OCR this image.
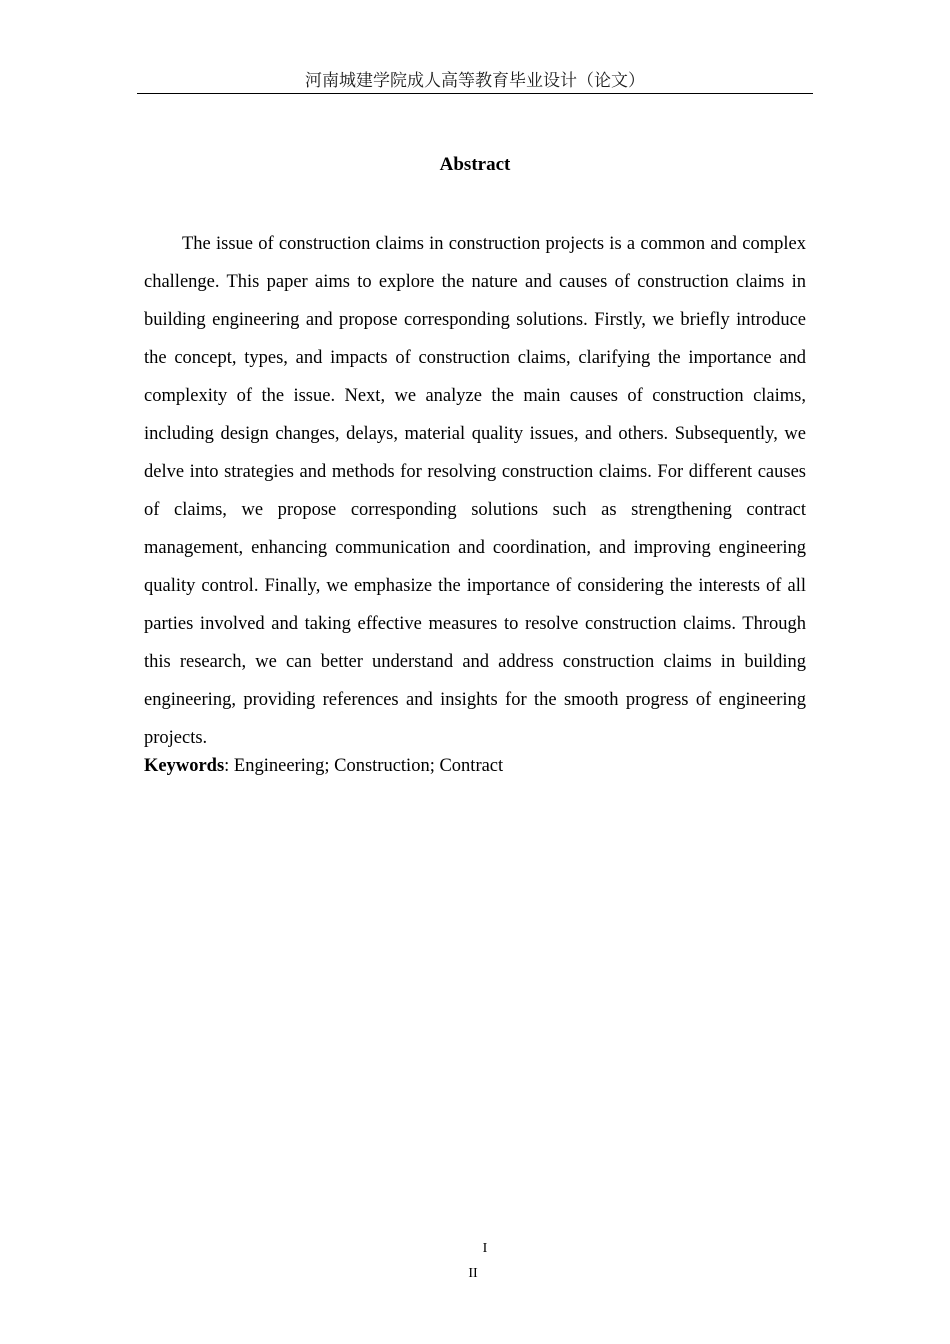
河南城建学院成人高等教育毕业设计（论文）
Abstract

The issue of construction claims in construction projects is a common and complex challenge. This paper aims to explore the nature and causes of construction claims in building engineering and propose corresponding solutions. Firstly, we briefly introduce the concept, types, and impacts of construction claims, clarifying the importance and complexity of the issue. Next, we analyze the main causes of construction claims, including design changes, delays, material quality issues, and others. Subsequently, we delve into strategies and methods for resolving construction claims. For different causes of claims, we propose corresponding solutions such as strengthening contract management, enhancing communication and coordination, and improving engineering quality control. Finally, we emphasize the importance of considering the interests of all parties involved and taking effective measures to resolve construction claims. Through this research, we can better understand and address construction claims in building engineering, providing references and insights for the smooth progress of engineering projects.

Keywords: Engineering; Construction; Contract

I
II
